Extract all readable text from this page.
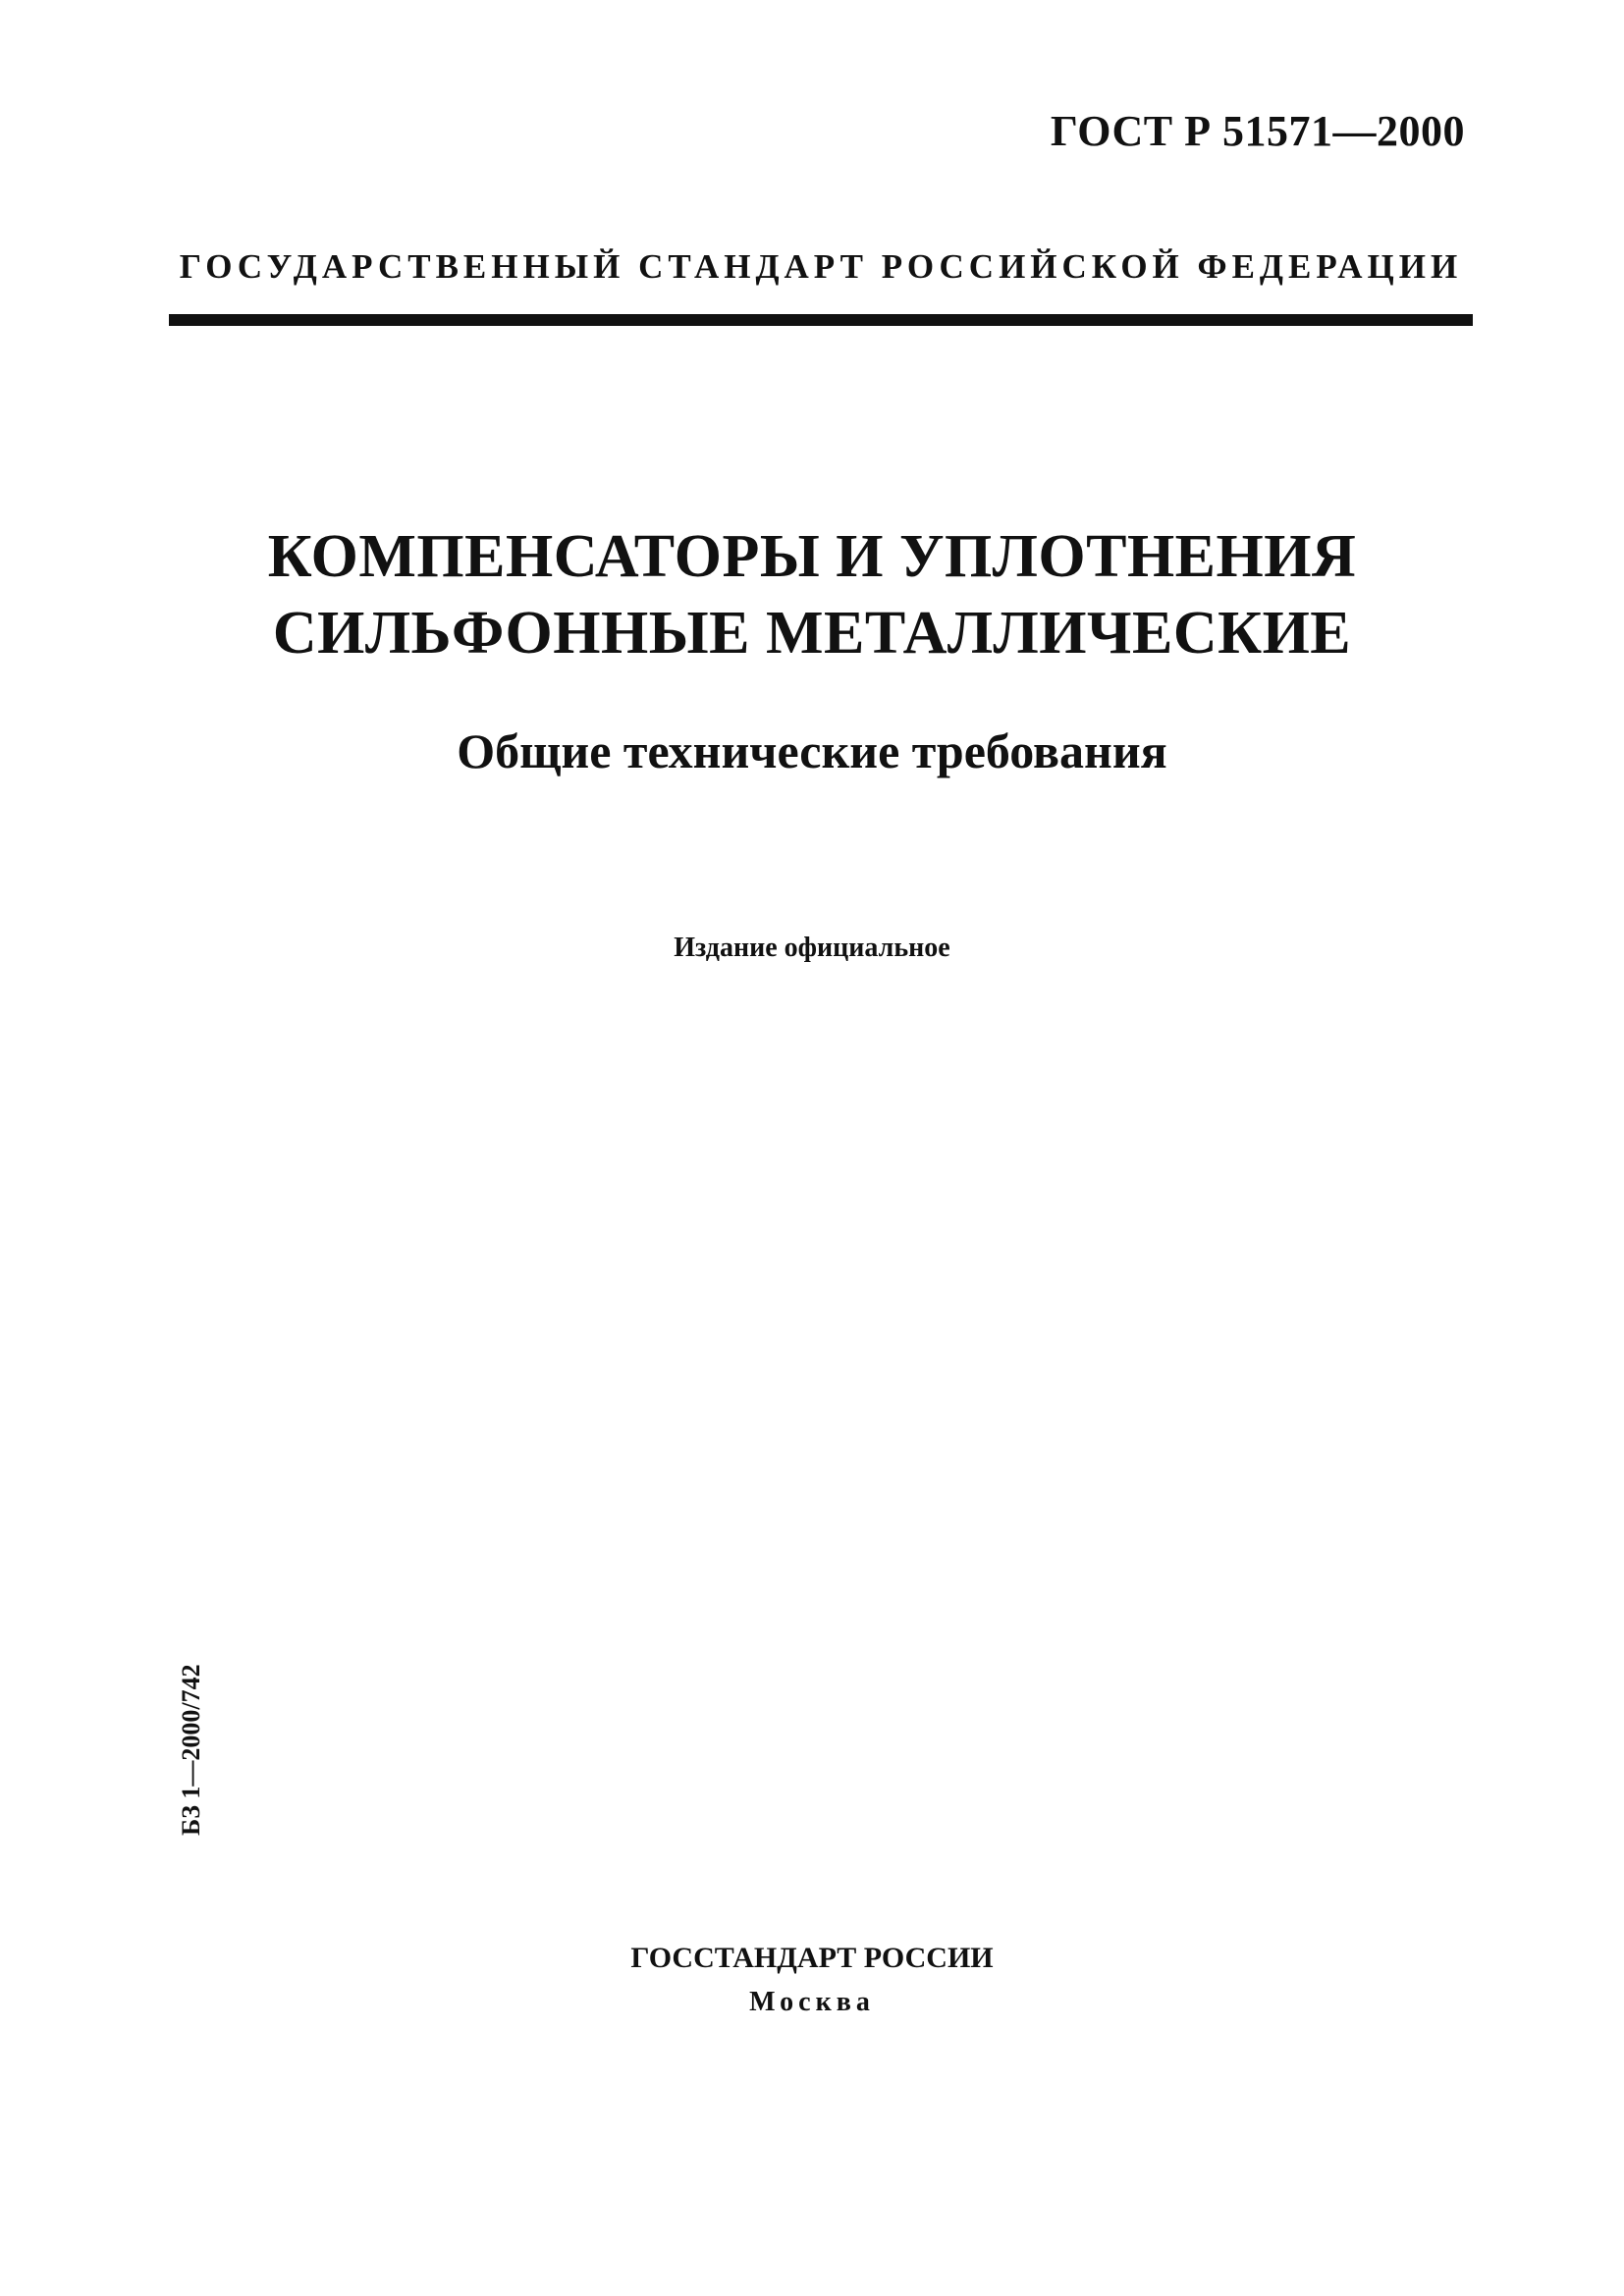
ГОСТ Р 51571—2000
ГОСУДАРСТВЕННЫЙ СТАНДАРТ РОССИЙСКОЙ ФЕДЕРАЦИИ
КОМПЕНСАТОРЫ И УПЛОТНЕНИЯ
СИЛЬФОННЫЕ МЕТАЛЛИЧЕСКИЕ
Общие технические требования
Издание официальное
БЗ 1—2000/742
ГОССТАНДАРТ РОССИИ
Москва
